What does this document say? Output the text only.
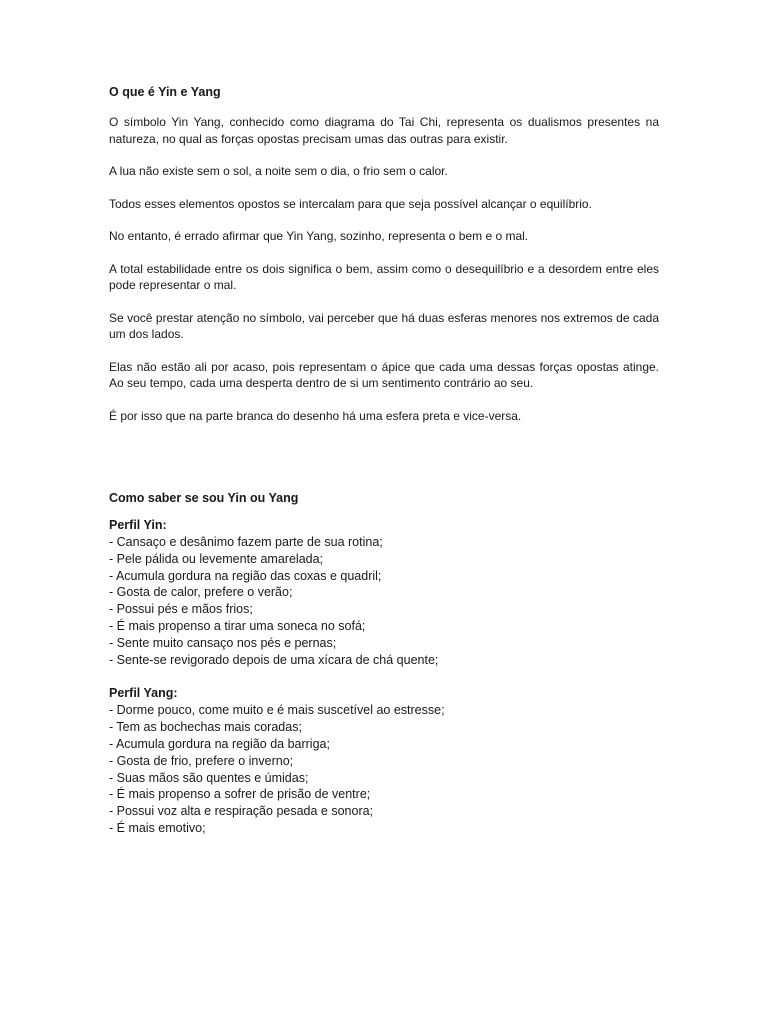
O que é Yin e Yang

O símbolo Yin Yang, conhecido como diagrama do Tai Chi, representa os dualismos presentes na natureza, no qual as forças opostas precisam umas das outras para existir.

A lua não existe sem o sol, a noite sem o dia, o frio sem o calor.

Todos esses elementos opostos se intercalam para que seja possível alcançar o equilíbrio.

No entanto, é errado afirmar que Yin Yang, sozinho, representa o bem e o mal.

A total estabilidade entre os dois significa o bem, assim como o desequilíbrio e a desordem entre eles pode representar o mal.

Se você prestar atenção no símbolo, vai perceber que há duas esferas menores nos extremos de cada um dos lados.

Elas não estão ali por acaso, pois representam o ápice que cada uma dessas forças opostas atinge. Ao seu tempo, cada uma desperta dentro de si um sentimento contrário ao seu.

É por isso que na parte branca do desenho há uma esfera preta e vice-versa.

Como saber se sou Yin ou Yang
Perfil Yin:
- Cansaço e desânimo fazem parte de sua rotina;
- Pele pálida ou levemente amarelada;
- Acumula gordura na região das coxas e quadril;
- Gosta de calor, prefere o verão;
- Possui pés e mãos frios;
- É mais propenso a tirar uma soneca no sofá;
- Sente muito cansaço nos pés e pernas;
- Sente-se revigorado depois de uma xícara de chá quente;
Perfil Yang:
- Dorme pouco, come muito e é mais suscetível ao estresse;
- Tem as bochechas mais coradas;
- Acumula gordura na região da barriga;
- Gosta de frio, prefere o inverno;
- Suas mãos são quentes e úmidas;
- É mais propenso a sofrer de prisão de ventre;
- Possui voz alta e respiração pesada e sonora;
- É mais emotivo;
